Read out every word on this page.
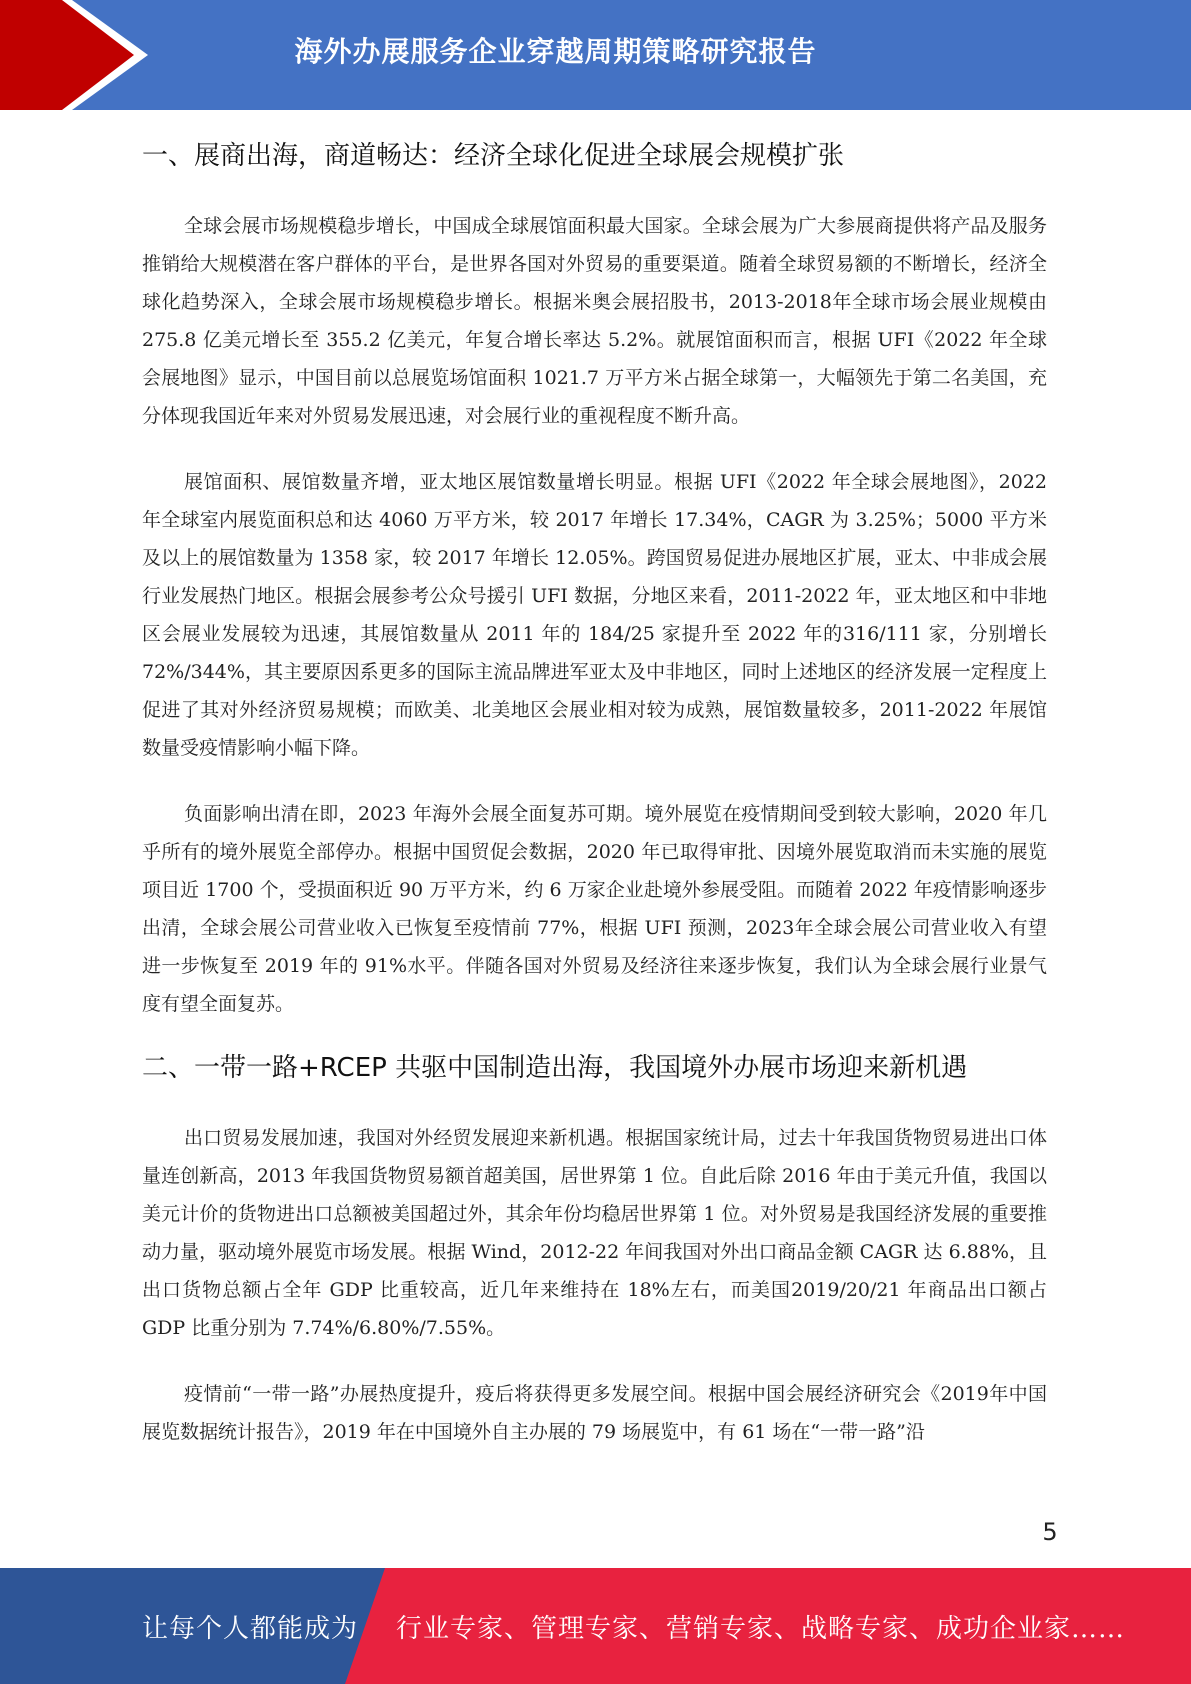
海外办展服务企业穿越周期策略研究报告
一、展商出海，商道畅达：经济全球化促进全球展会规模扩张

全球会展市场规模稳步增长，中国成全球展馆面积最大国家。全球会展为广大参展商提供将产品及服务推销给大规模潜在客户群体的平台，是世界各国对外贸易的重要渠道。随着全球贸易额的不断增长，经济全球化趋势深入，全球会展市场规模稳步增长。根据米奥会展招股书，2013-2018年全球市场会展业规模由 275.8 亿美元增长至 355.2 亿美元，年复合增长率达 5.2%。就展馆面积而言，根据 UFI《2022 年全球会展地图》显示，中国目前以总展览场馆面积 1021.7 万平方米占据全球第一，大幅领先于第二名美国，充分体现我国近年来对外贸易发展迅速，对会展行业的重视程度不断升高。

展馆面积、展馆数量齐增，亚太地区展馆数量增长明显。根据 UFI《2022 年全球会展地图》，2022 年全球室内展览面积总和达 4060 万平方米，较 2017 年增长 17.34%，CAGR 为 3.25%；5000 平方米及以上的展馆数量为 1358 家，较 2017 年增长 12.05%。跨国贸易促进办展地区扩展，亚太、中非成会展行业发展热门地区。根据会展参考公众号援引 UFI 数据，分地区来看，2011-2022 年，亚太地区和中非地区会展业发展较为迅速，其展馆数量从 2011 年的 184/25 家提升至 2022 年的316/111 家，分别增长 72%/344%，其主要原因系更多的国际主流品牌进军亚太及中非地区，同时上述地区的经济发展一定程度上促进了其对外经济贸易规模；而欧美、北美地区会展业相对较为成熟，展馆数量较多，2011-2022 年展馆数量受疫情影响小幅下降。

负面影响出清在即，2023 年海外会展全面复苏可期。境外展览在疫情期间受到较大影响，2020 年几乎所有的境外展览全部停办。根据中国贸促会数据，2020 年已取得审批、因境外展览取消而未实施的展览项目近 1700 个，受损面积近 90 万平方米，约 6 万家企业赴境外参展受阻。而随着 2022 年疫情影响逐步出清，全球会展公司营业收入已恢复至疫情前 77%，根据 UFI 预测，2023年全球会展公司营业收入有望进一步恢复至 2019 年的 91%水平。伴随各国对外贸易及经济往来逐步恢复，我们认为全球会展行业景气度有望全面复苏。

二、一带一路+RCEP 共驱中国制造出海，我国境外办展市场迎来新机遇

出口贸易发展加速，我国对外经贸发展迎来新机遇。根据国家统计局，过去十年我国货物贸易进出口体量连创新高，2013 年我国货物贸易额首超美国，居世界第 1 位。自此后除 2016 年由于美元升值，我国以美元计价的货物进出口总额被美国超过外，其余年份均稳居世界第 1 位。对外贸易是我国经济发展的重要推动力量，驱动境外展览市场发展。根据 Wind，2012-22 年间我国对外出口商品金额 CAGR 达 6.88%，且出口货物总额占全年 GDP 比重较高，近几年来维持在 18%左右，而美国2019/20/21 年商品出口额占 GDP 比重分别为 7.74%/6.80%/7.55%。

疫情前“一带一路”办展热度提升，疫后将获得更多发展空间。根据中国会展经济研究会《2019年中国展览数据统计报告》，2019 年在中国境外自主办展的 79 场展览中，有 61 场在“一带一路”沿

5
让每个人都能成为 行业专家、管理专家、营销专家、战略专家、成功企业家……
